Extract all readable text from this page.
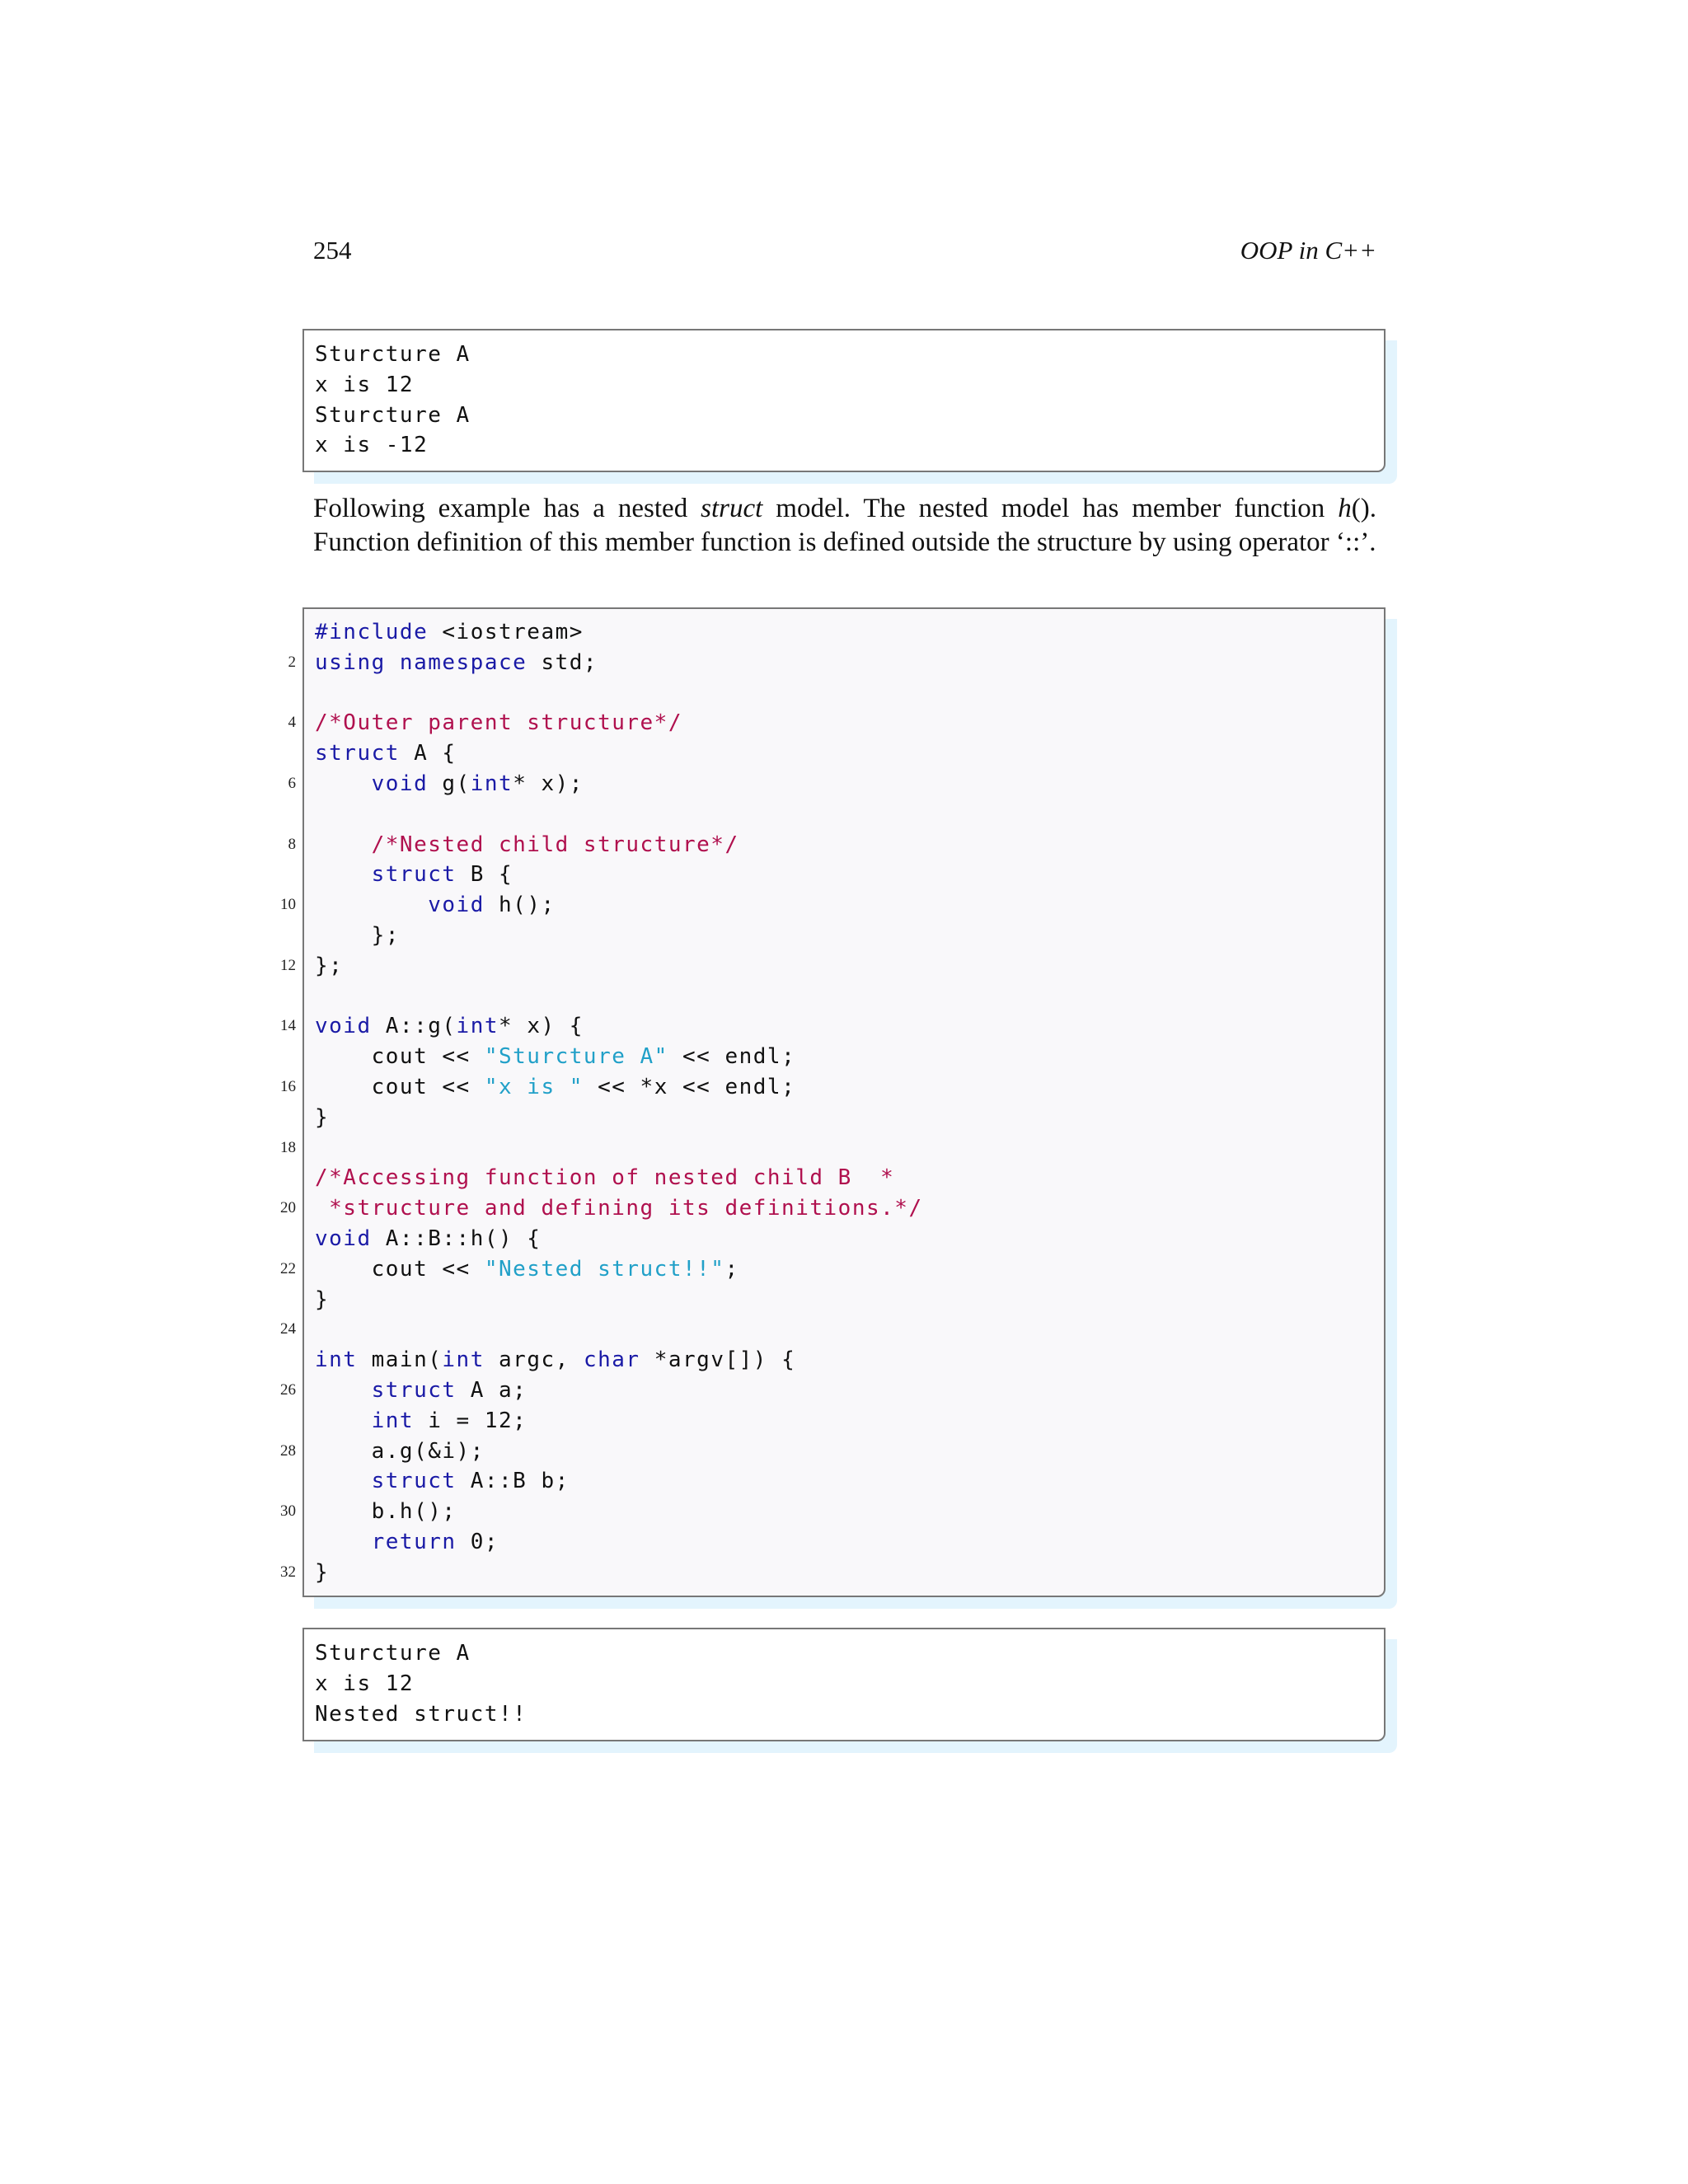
254	OOP in C++
Sturcture A
x is 12
Sturcture A
x is -12
Following example has a nested struct model. The nested model has member function h(). Function definition of this member function is defined outside the structure by using operator ‘::’.
#include <iostream>
2 using namespace std;
4 /*Outer parent structure*/
struct A {
6	void g(int* x);
8	/*Nested child structure*/
struct B {
10	void h();
};
12 };
14 void A::g(int* x) {
cout << "Sturcture A" << endl;
16 cout << "x is " << *x << endl;
}
18
/*Accessing function of nested child B  *
20 *structure and defining its definitions.*/
void A::B::h() {
22 cout << "Nested struct!!";
}
24
int main(int argc, char *argv[]) {
26	struct A a;
int i = 12;
28 a.g(&i);
struct A::B b;
30 b.h();
return 0;
32 }
Sturcture A
x is 12
Nested struct!!
